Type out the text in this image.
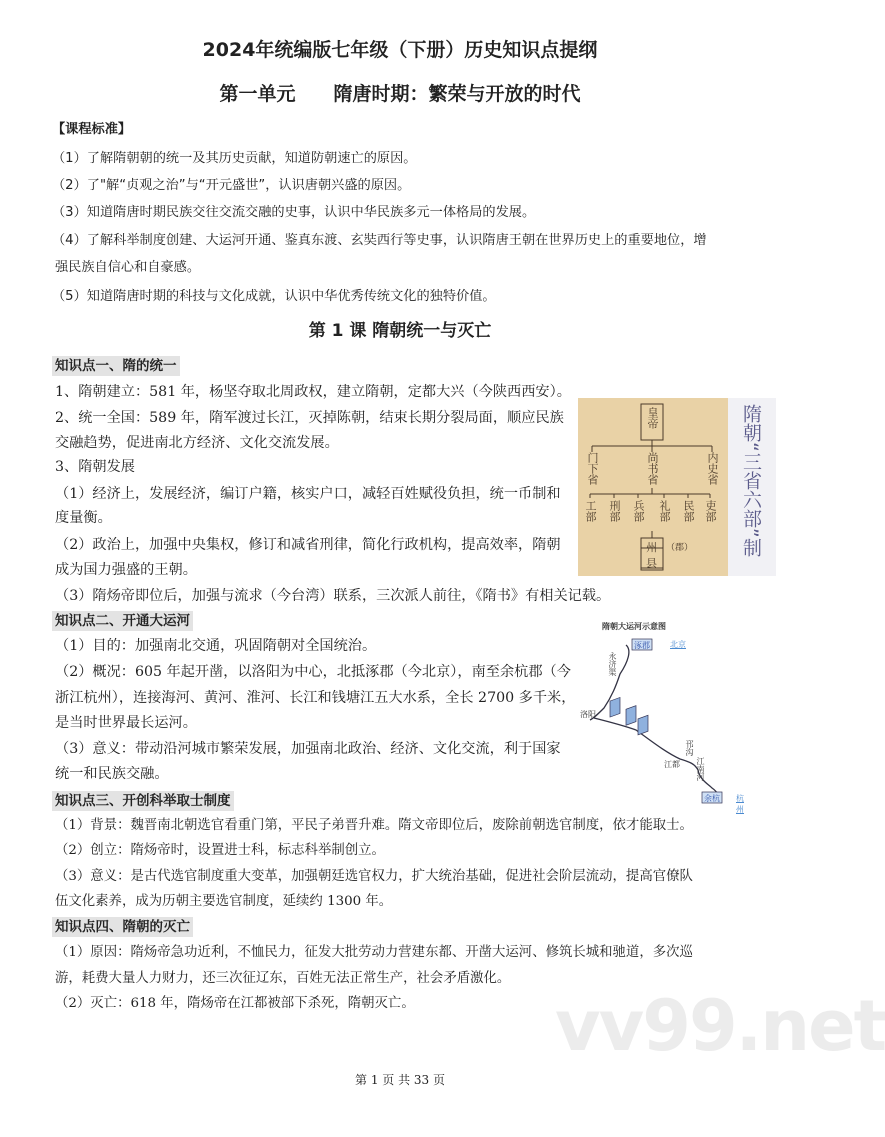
2024年统编版七年级（下册）历史知识点提纲
第一单元　　隋唐时期：繁荣与开放的时代
【课程标准】
（1）了解隋朝朝的统一及其历史贡献，知道防朝速亡的原因。
（2）了"解“贞观之治”与“开元盛世”，认识唐朝兴盛的原因。
（3）知道隋唐时期民族交往交流交融的史事，认识中华民族多元一体格局的发展。
（4）了解科举制度创建、大运河开通、鉴真东渡、玄奘西行等史事，认识隋唐王朝在世界历史上的重要地位，增
强民族自信心和自豪感。
（5）知道隋唐时期的科技与文化成就，认识中华优秀传统文化的独特价值。
第 1 课 隋朝统一与灭亡
知识点一、隋的统一
1、隋朝建立：581 年，杨坚夺取北周政权，建立隋朝，定都大兴（今陕西西安）。
2、统一全国：589 年，隋军渡过长江，灭掉陈朝，结束长期分裂局面，顺应民族
交融趋势，促进南北方经济、文化交流发展。
3、隋朝发展
（1）经济上，发展经济，编订户籍，核实户口，减轻百姓赋役负担，统一币制和
度量衡。
（2）政治上，加强中央集权，修订和减省刑律，简化行政机构，提高效率，隋朝
成为国力强盛的王朝。
（3）隋炀帝即位后，加强与流求（今台湾）联系，三次派人前往，《隋书》有相关记载。
知识点二、开通大运河
（1）目的：加强南北交通，巩固隋朝对全国统治。
（2）概况：605 年起开凿，以洛阳为中心，北抵涿郡（今北京），南至余杭郡（今
浙江杭州），连接海河、黄河、淮河、长江和钱塘江五大水系，全长 2700 多千米，
是当时世界最长运河。
（3）意义：带动沿河城市繁荣发展，加强南北政治、经济、文化交流，利于国家
统一和民族交融。
知识点三、开创科举取士制度
（1）背景：魏晋南北朝选官看重门第，平民子弟晋升难。隋文帝即位后，废除前朝选官制度，依才能取士。
（2）创立：隋炀帝时，设置进士科，标志科举制创立。
（3）意义：是古代选官制度重大变革，加强朝廷选官权力，扩大统治基础，促进社会阶层流动，提高官僚队
伍文化素养，成为历朝主要选官制度，延续约 1300 年。
知识点四、隋朝的灭亡
（1）原因：隋炀帝急功近利，不恤民力，征发大批劳动力营建东都、开凿大运河、修筑长城和驰道，多次巡
游，耗费大量人力财力，还三次征辽东，百姓无法正常生产，社会矛盾激化。
（2）灭亡：618 年，隋炀帝在江都被部下杀死，隋朝灭亡。
皇帝
门下省	尚书省	内史省
工部 刑部 兵部 礼部 民部 吏部
州 （郡）
县
隋朝“三省六部”制
隋朝大运河示意图
涿郡	北京
洛阳
永济渠
邗沟
江都 江南河
余杭 杭州
vv99.net
第 1 页 共 33 页
